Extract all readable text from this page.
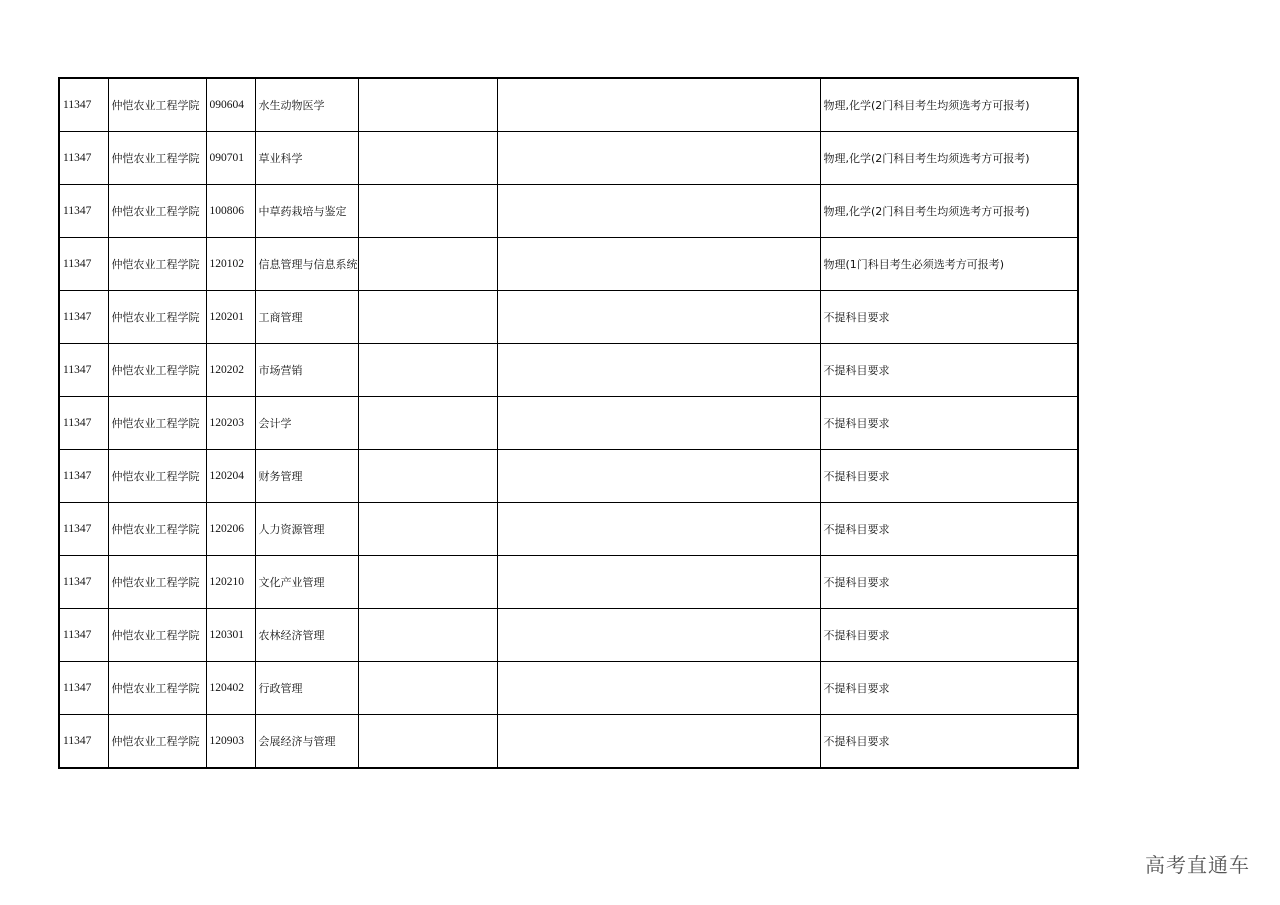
11347	仲恺农业工程学院	090604	水生动物医学			物理,化学(2门科目考生均须选考方可报考)
11347	仲恺农业工程学院	090701	草业科学			物理,化学(2门科目考生均须选考方可报考)
11347	仲恺农业工程学院	100806	中草药栽培与鉴定			物理,化学(2门科目考生均须选考方可报考)
11347	仲恺农业工程学院	120102	信息管理与信息系统			物理(1门科目考生必须选考方可报考)
11347	仲恺农业工程学院	120201	工商管理			不提科目要求
11347	仲恺农业工程学院	120202	市场营销			不提科目要求
11347	仲恺农业工程学院	120203	会计学			不提科目要求
11347	仲恺农业工程学院	120204	财务管理			不提科目要求
11347	仲恺农业工程学院	120206	人力资源管理			不提科目要求
11347	仲恺农业工程学院	120210	文化产业管理			不提科目要求
11347	仲恺农业工程学院	120301	农林经济管理			不提科目要求
11347	仲恺农业工程学院	120402	行政管理			不提科目要求
11347	仲恺农业工程学院	120903	会展经济与管理			不提科目要求
高考直通车
